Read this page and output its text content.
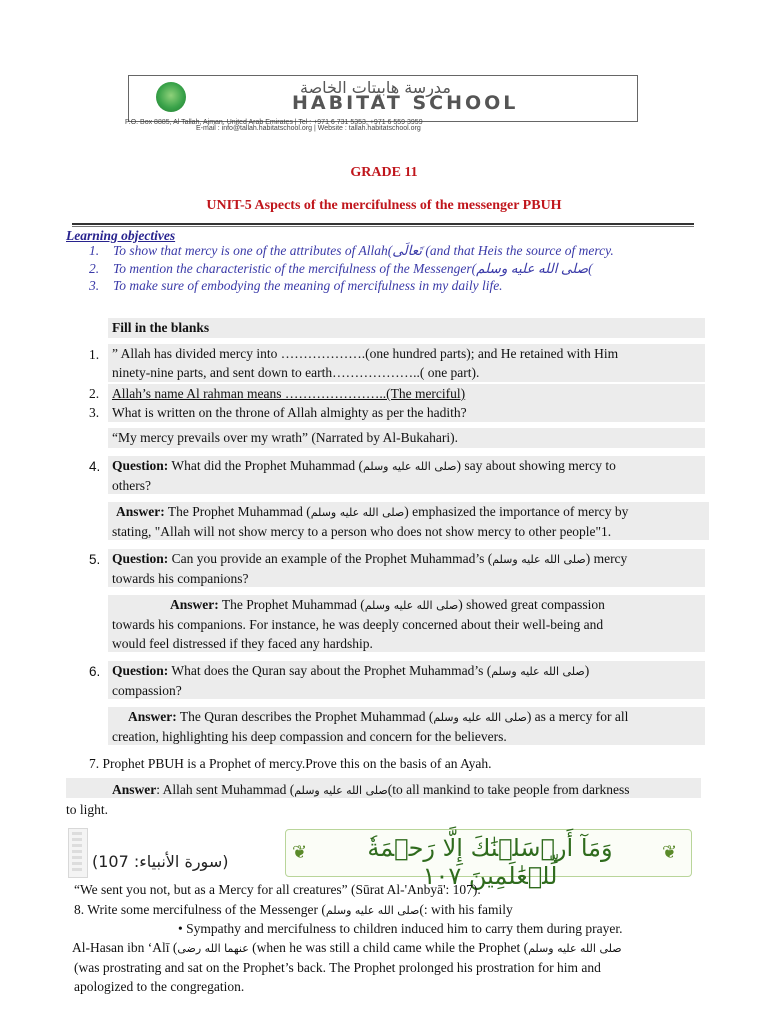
مدرسة هابيتات الخاصة
HABITAT SCHOOL
P.O. Box 8885, Al Tallah, Ajman, United Arab Emirates | Tel : +971 6 731 5353, +971 6 559 3959
E-mail : info@tallah.habitatschool.org | Website : tallah.habitatschool.org
GRADE 11
UNIT-5 Aspects of the mercifulness of the messenger PBUH
Learning objectives
1. To show that mercy is one of the attributes of Allah(تَعالَى (and that Heis the source of mercy.
2. To mention the characteristic of the mercifulness of the Messenger(صلى الله عليه وسلم(
3. To make sure of embodying the meaning of mercifulness in my daily life.
Fill in the blanks
1. ” Allah has divided mercy into ……………….(one hundred parts); and He retained with Him
ninety-nine parts, and sent down to earth………………..( one part).
2. Allah’s name Al rahman means …………………..(The merciful)
3. What is written on the throne of Allah almighty as per the hadith?
“My mercy prevails over my wrath” (Narrated by Al-Bukahari).
4. Question: What did the Prophet Muhammad (صلى الله عليه وسلم) say about showing mercy to
others?
Answer: The Prophet Muhammad (صلى الله عليه وسلم) emphasized the importance of mercy by
stating, "Allah will not show mercy to a person who does not show mercy to other people"1.
5. Question: Can you provide an example of the Prophet Muhammad’s (صلى الله عليه وسلم) mercy
towards his companions?
Answer: The Prophet Muhammad (صلى الله عليه وسلم) showed great compassion
towards his companions. For instance, he was deeply concerned about their well-being and
would feel distressed if they faced any hardship.
6. Question: What does the Quran say about the Prophet Muhammad’s (صلى الله عليه وسلم)
compassion?
Answer: The Quran describes the Prophet Muhammad (صلى الله عليه وسلم) as a mercy for all
creation, highlighting his deep compassion and concern for the believers.
7. Prophet PBUH is a Prophet of mercy.Prove this on the basis of an Ayah.
Answer: Allah sent Muhammad (صلى الله عليه وسلم(to all mankind to take people from darkness
to light.
(سورة الأنبياء: 107)	❦	❦
وَمَآ أَرۡسَلۡنَٰكَ إِلَّا رَحۡمَةٗ لِّلۡعَٰلَمِينَ ١٠٧
“We sent you not, but as a Mercy for all creatures” (Sūrat Al-'Anbyā': 107).
8. Write some mercifulness of the Messenger (صلى الله عليه وسلم(: with his family
• Sympathy and mercifulness to children induced him to carry them during prayer.
Al-Hasan ibn ‘Alī (عنهما الله رضى (when he was still a child came while the Prophet (صلى الله عليه وسلم
(was prostrating and sat on the Prophet’s back. The Prophet prolonged his prostration for him and
apologized to the congregation.
